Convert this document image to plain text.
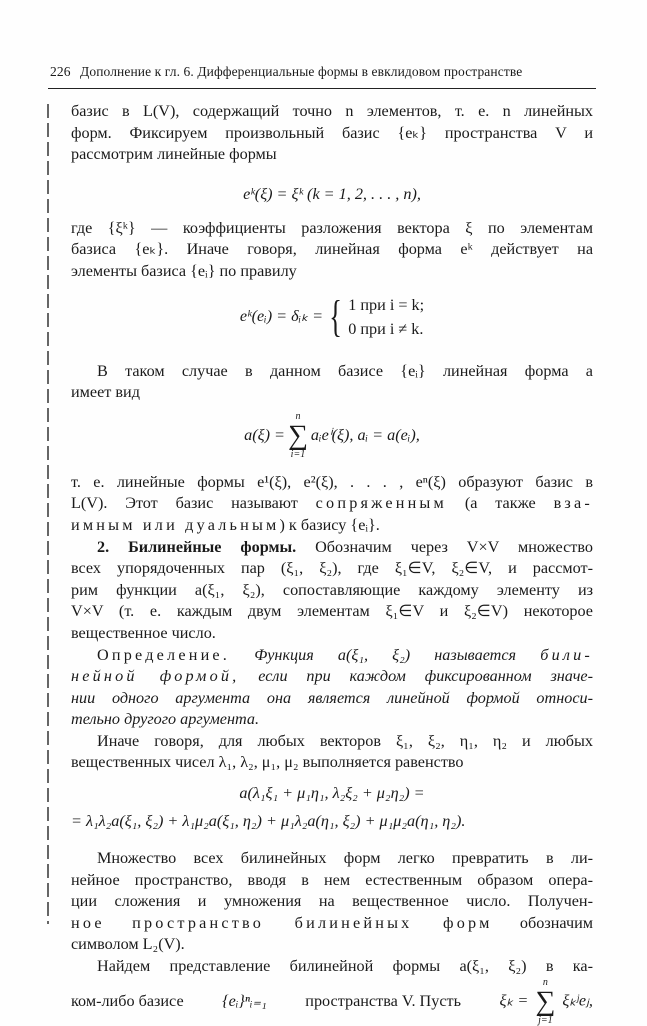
226 Дополнение к гл. 6. Дифференциальные формы в евклидовом пространстве
базис в L(V), содержащий точно n элементов, т. е. n линейных
форм. Фиксируем произвольный базис {eₖ} пространства V и
рассмотрим линейные формы
eᵏ(ξ) = ξᵏ (k = 1, 2, . . . , n),
где {ξᵏ} — коэффициенты разложения вектора ξ по элементам
базиса {eₖ}. Иначе говоря, линейная форма eᵏ действует на
элементы базиса {eᵢ} по правилу
eᵏ(eᵢ) = δᵢₖ = { 1 при i = k;
0 при i ≠ k.
В таком случае в данном базисе {eᵢ} линейная форма a
имеет вид
a(ξ) =
n
∑
i=1
aᵢeⁱ(ξ), aᵢ = a(eᵢ),
т. е. линейные формы e¹(ξ), e²(ξ), . . . , eⁿ(ξ) образуют базис в
L(V). Этот базис называют сопряженным (а также вза-
имным или дуальным) к базису {eᵢ}.
2. Билинейные формы. Обозначим через V×V множество
всех упорядоченных пар (ξ₁, ξ₂), где ξ₁∈V, ξ₂∈V, и рассмот-
рим функции a(ξ₁, ξ₂), сопоставляющие каждому элементу из
V×V (т. е. каждым двум элементам ξ₁∈V и ξ₂∈V) некоторое
вещественное число.
Определение. Функция a(ξ₁, ξ₂) называется били-
нейной формой, если при каждом фиксированном значе-
нии одного аргумента она является линейной формой относи-
тельно другого аргумента.
Иначе говоря, для любых векторов ξ₁, ξ₂, η₁, η₂ и любых
вещественных чисел λ₁, λ₂, μ₁, μ₂ выполняется равенство
a(λ₁ξ₁ + μ₁η₁, λ₂ξ₂ + μ₂η₂) =
= λ₁λ₂a(ξ₁, ξ₂) + λ₁μ₂a(ξ₁, η₂) + μ₁λ₂a(η₁, ξ₂) + μ₁μ₂a(η₁, η₂).
Множество всех билинейных форм легко превратить в ли-
нейное пространство, вводя в нем естественным образом опера-
ции сложения и умножения на вещественное число. Получен-
ное пространство билинейных форм обозначим
символом L₂(V).
Найдем представление билинейной формы a(ξ₁, ξ₂) в ка-
ком-либо базисе {eᵢ}ⁿᵢ₌₁ пространства V. Пусть ξₖ =
n
∑
j=1
ξₖʲeⱼ,
